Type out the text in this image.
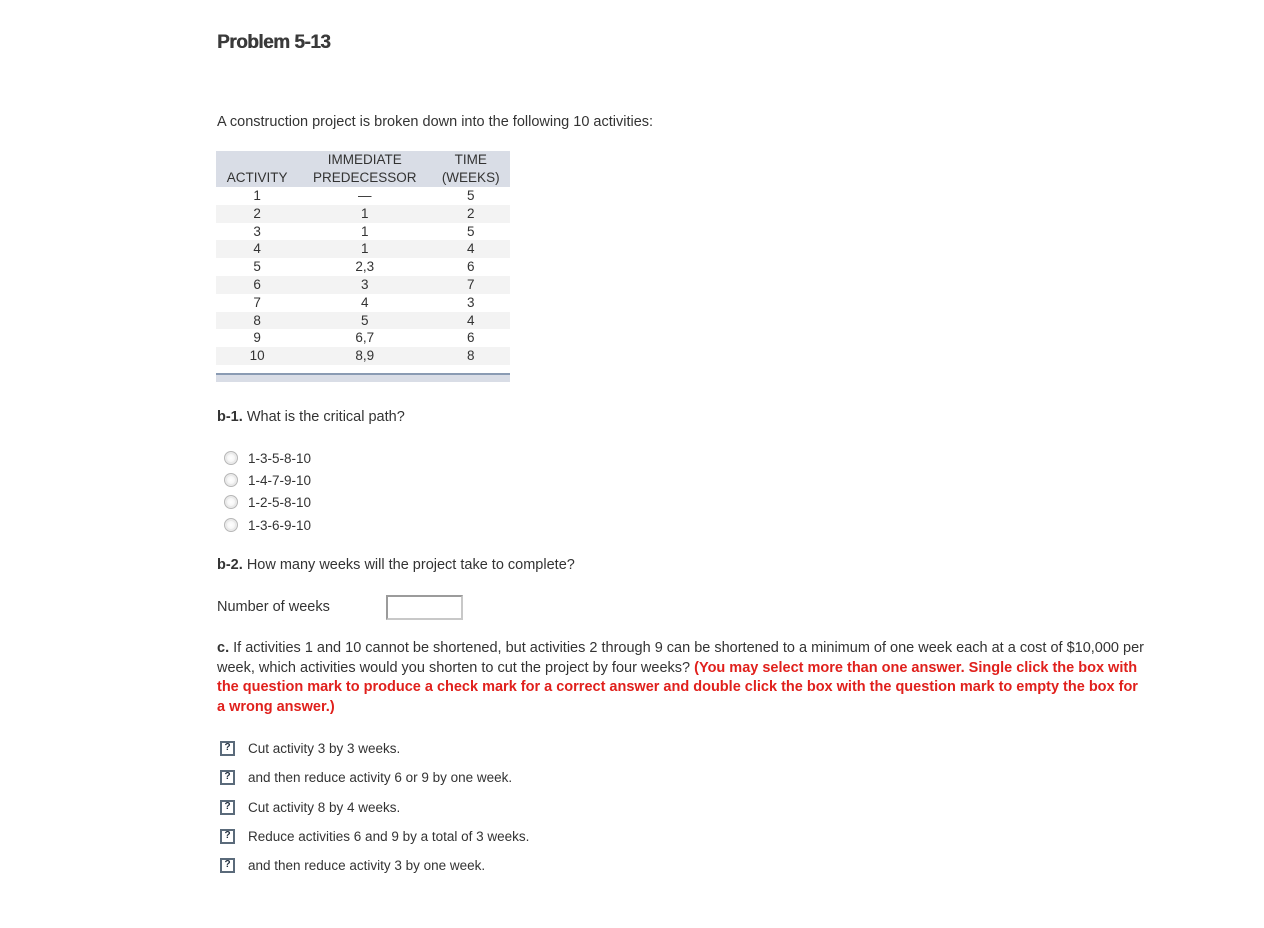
Problem 5-13
A construction project is broken down into the following 10 activities:
	IMMEDIATE	TIME
ACTIVITY	PREDECESSOR	(WEEKS)
1	—	5
2	1	2
3	1	5
4	1	4
5	2,3	6
6	3	7
7	4	3
8	5	4
9	6,7	6
10	8,9	8
b-1. What is the critical path?
1-3-5-8-10
1-4-7-9-10
1-2-5-8-10
1-3-6-9-10
b-2. How many weeks will the project take to complete?
Number of weeks
c. If activities 1 and 10 cannot be shortened, but activities 2 through 9 can be shortened to a minimum of one week each at a cost of $10,000 per week, which activities would you shorten to cut the project by four weeks? (You may select more than one answer. Single click the box with the question mark to produce a check mark for a correct answer and double click the box with the question mark to empty the box for a wrong answer.)
?	Cut activity 3 by 3 weeks.
?	and then reduce activity 6 or 9 by one week.
?	Cut activity 8 by 4 weeks.
?	Reduce activities 6 and 9 by a total of 3 weeks.
?	and then reduce activity 3 by one week.
